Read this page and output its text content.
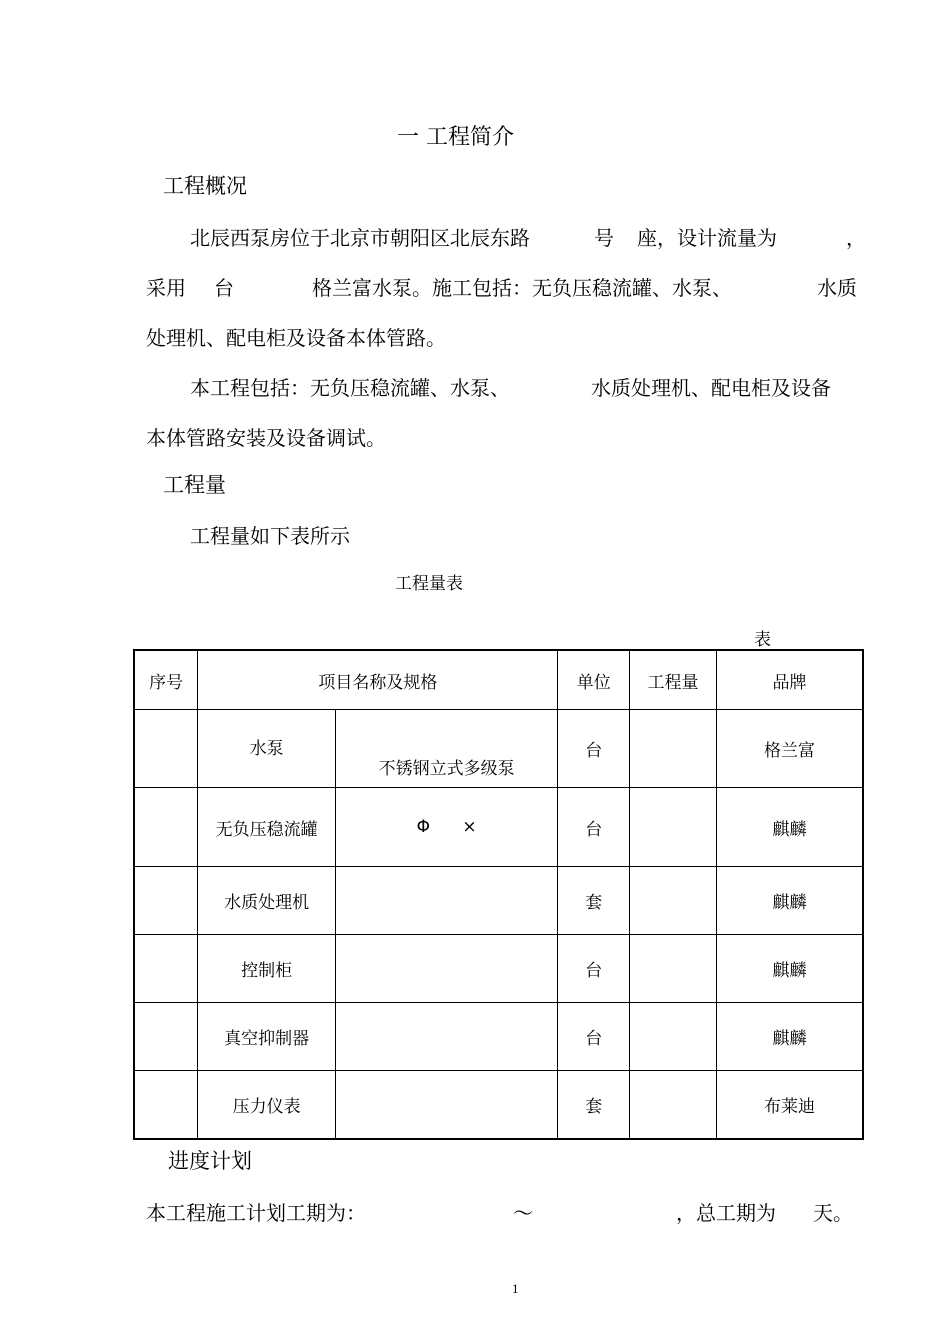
一 工程简介
工程概况
北辰西泵房位于北京市朝阳区北辰东路	号 座，设计流量为	，
采用 台	格兰富水泵。施工包括：无负压稳流罐、水泵、	水质
处理机、配电柜及设备本体管路。
本工程包括：无负压稳流罐、水泵、	水质处理机、配电柜及设备
本体管路安装及设备调试。
工程量
工程量如下表所示
工程量表
表
序号	项目名称及规格		单位	工程量	品牌
	水泵	不锈钢立式多级泵	台		格兰富
	无负压稳流罐	Φ      ×	台		麒麟
	水质处理机		套		麒麟
	控制柜		台		麒麟
	真空抑制器		台		麒麟
	压力仪表		套		布莱迪
进度计划
本工程施工计划工期为：	～	，总工期为 天。
1
